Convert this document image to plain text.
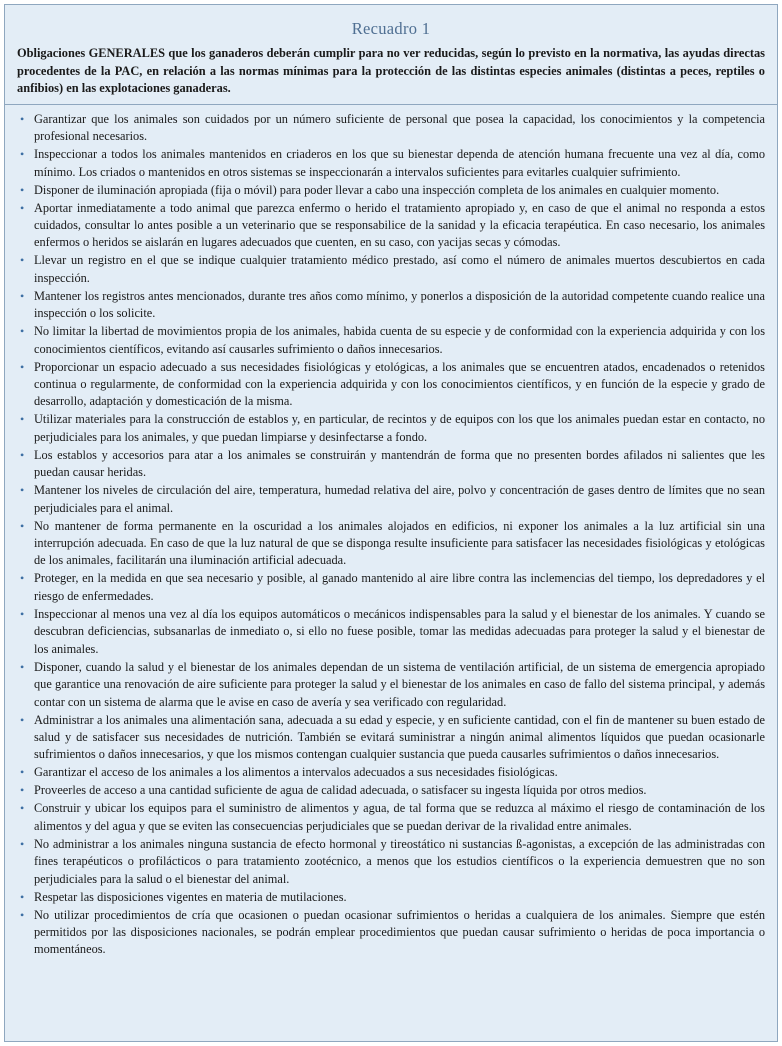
Recuadro 1

Obligaciones GENERALES que los ganaderos deberán cumplir para no ver reducidas, según lo previsto en la normativa, las ayudas directas procedentes de la PAC, en relación a las normas mínimas para la protección de las distintas especies animales (distintas a peces, reptiles o anfibios) en las explotaciones ganaderas.

• Garantizar que los animales son cuidados por un número suficiente de personal que posea la capacidad, los conocimientos y la competencia profesional necesarios.
• Inspeccionar a todos los animales mantenidos en criaderos en los que su bienestar dependa de atención humana frecuente una vez al día, como mínimo. Los criados o mantenidos en otros sistemas se inspeccionarán a intervalos suficientes para evitarles cualquier sufrimiento.
• Disponer de iluminación apropiada (fija o móvil) para poder llevar a cabo una inspección completa de los animales en cualquier momento.
• Aportar inmediatamente a todo animal que parezca enfermo o herido el tratamiento apropiado y, en caso de que el animal no responda a estos cuidados, consultar lo antes posible a un veterinario que se responsabilice de la sanidad y la eficacia terapéutica. En caso necesario, los animales enfermos o heridos se aislarán en lugares adecuados que cuenten, en su caso, con yacijas secas y cómodas.
• Llevar un registro en el que se indique cualquier tratamiento médico prestado, así como el número de animales muertos descubiertos en cada inspección.
• Mantener los registros antes mencionados, durante tres años como mínimo, y ponerlos a disposición de la autoridad competente cuando realice una inspección o los solicite.
• No limitar la libertad de movimientos propia de los animales, habida cuenta de su especie y de conformidad con la experiencia adquirida y con los conocimientos científicos, evitando así causarles sufrimiento o daños innecesarios.
• Proporcionar un espacio adecuado a sus necesidades fisiológicas y etológicas, a los animales que se encuentren atados, encadenados o retenidos continua o regularmente, de conformidad con la experiencia adquirida y con los conocimientos científicos, y en función de la especie y grado de desarrollo, adaptación y domesticación de la misma.
• Utilizar materiales para la construcción de establos y, en particular, de recintos y de equipos con los que los animales puedan estar en contacto, no perjudiciales para los animales, y que puedan limpiarse y desinfectarse a fondo.
• Los establos y accesorios para atar a los animales se construirán y mantendrán de forma que no presenten bordes afilados ni salientes que les puedan causar heridas.
• Mantener los niveles de circulación del aire, temperatura, humedad relativa del aire, polvo y concentración de gases dentro de límites que no sean perjudiciales para el animal.
• No mantener de forma permanente en la oscuridad a los animales alojados en edificios, ni exponer los animales a la luz artificial sin una interrupción adecuada. En caso de que la luz natural de que se disponga resulte insuficiente para satisfacer las necesidades fisiológicas y etológicas de los animales, facilitarán una iluminación artificial adecuada.
• Proteger, en la medida en que sea necesario y posible, al ganado mantenido al aire libre contra las inclemencias del tiempo, los depredadores y el riesgo de enfermedades.
• Inspeccionar al menos una vez al día los equipos automáticos o mecánicos indispensables para la salud y el bienestar de los animales. Y cuando se descubran deficiencias, subsanarlas de inmediato o, si ello no fuese posible, tomar las medidas adecuadas para proteger la salud y el bienestar de los animales.
• Disponer, cuando la salud y el bienestar de los animales dependan de un sistema de ventilación artificial, de un sistema de emergencia apropiado que garantice una renovación de aire suficiente para proteger la salud y el bienestar de los animales en caso de fallo del sistema principal, y además contar con un sistema de alarma que le avise en caso de avería y sea verificado con regularidad.
• Administrar a los animales una alimentación sana, adecuada a su edad y especie, y en suficiente cantidad, con el fin de mantener su buen estado de salud y de satisfacer sus necesidades de nutrición. También se evitará suministrar a ningún animal alimentos líquidos que puedan ocasionarle sufrimientos o daños innecesarios, y que los mismos contengan cualquier sustancia que pueda causarles sufrimientos o daños innecesarios.
• Garantizar el acceso de los animales a los alimentos a intervalos adecuados a sus necesidades fisiológicas.
• Proveerles de acceso a una cantidad suficiente de agua de calidad adecuada, o satisfacer su ingesta líquida por otros medios.
• Construir y ubicar los equipos para el suministro de alimentos y agua, de tal forma que se reduzca al máximo el riesgo de contaminación de los alimentos y del agua y que se eviten las consecuencias perjudiciales que se puedan derivar de la rivalidad entre animales.
• No administrar a los animales ninguna sustancia de efecto hormonal y tireostático ni sustancias ß-agonistas, a excepción de las administradas con fines terapéuticos o profilácticos o para tratamiento zootécnico, a menos que los estudios científicos o la experiencia demuestren que no son perjudiciales para la salud o el bienestar del animal.
• Respetar las disposiciones vigentes en materia de mutilaciones.
• No utilizar procedimientos de cría que ocasionen o puedan ocasionar sufrimientos o heridas a cualquiera de los animales. Siempre que estén permitidos por las disposiciones nacionales, se podrán emplear procedimientos que puedan causar sufrimiento o heridas de poca importancia o momentáneos.
